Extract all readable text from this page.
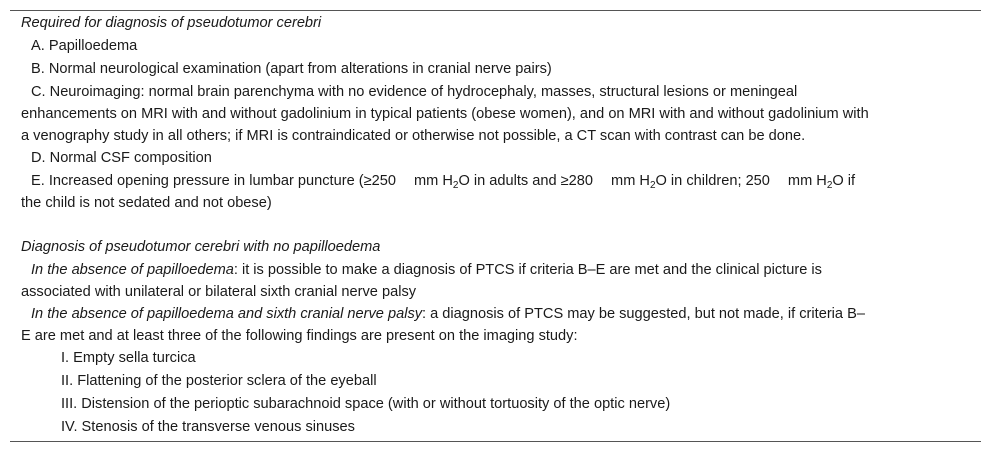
Required for diagnosis of pseudotumor cerebri
A. Papilloedema
B. Normal neurological examination (apart from alterations in cranial nerve pairs)
C. Neuroimaging: normal brain parenchyma with no evidence of hydrocephaly, masses, structural lesions or meningeal
enhancements on MRI with and without gadolinium in typical patients (obese women), and on MRI with and without gadolinium with
a venography study in all others; if MRI is contraindicated or otherwise not possible, a CT scan with contrast can be done.
D. Normal CSF composition
E. Increased opening pressure in lumbar puncture (≥250 mm $H_2O$ in adults and ≥280 mm $H_2O$ in children; 250 mm $H_2O$ if
the child is not sedated and not obese)
Diagnosis of pseudotumor cerebri with no papilloedema
In the absence of papilloedema: it is possible to make a diagnosis of PTCS if criteria B–E are met and the clinical picture is
associated with unilateral or bilateral sixth cranial nerve palsy
In the absence of papilloedema and sixth cranial nerve palsy: a diagnosis of PTCS may be suggested, but not made, if criteria B–
E are met and at least three of the following findings are present on the imaging study:
I. Empty sella turcica
II. Flattening of the posterior sclera of the eyeball
III. Distension of the perioptic subarachnoid space (with or without tortuosity of the optic nerve)
IV. Stenosis of the transverse venous sinuses
